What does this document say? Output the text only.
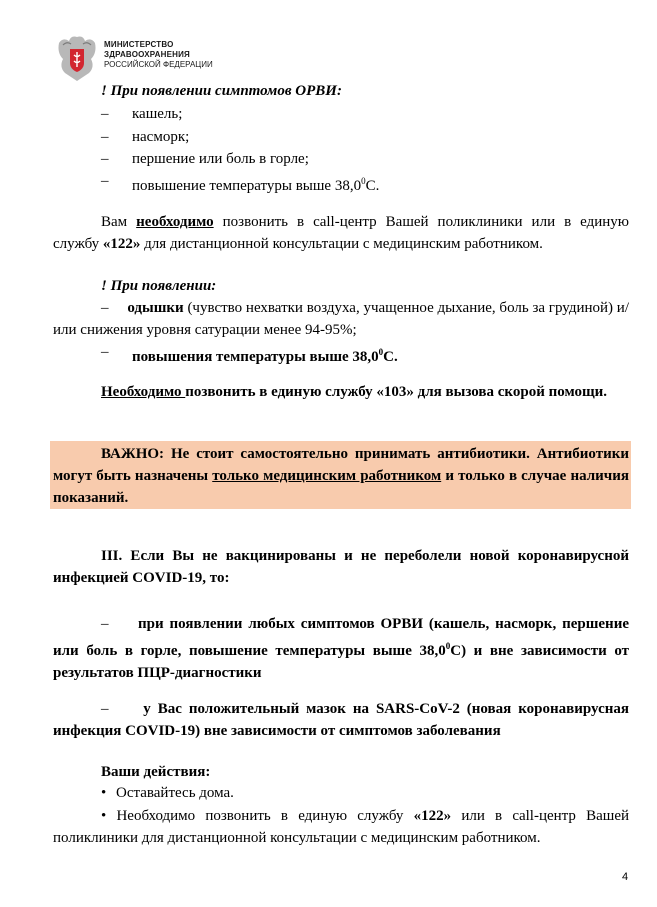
МИНИСТЕРСТВО
ЗДРАВООХРАНЕНИЯ
РОССИЙСКОЙ ФЕДЕРАЦИИ
! При появлении симптомов ОРВИ:
– кашель;
– насморк;
– першение или боль в горле;
– повышение температуры выше 38,0$^0$С.
Вам необходимо позвонить в call-центр Вашей поликлиники или в единую службу «122» для дистанционной консультации с медицинским работником.
! При появлении:
– одышки (чувство нехватки воздуха, учащенное дыхание, боль за грудиной) и/или снижения уровня сатурации менее 94-95%;
– повышения температуры выше 38,0$^0$С.
Необходимо позвонить в единую службу «103» для вызова скорой помощи.
ВАЖНО: Не стоит самостоятельно принимать антибиотики. Антибиотики могут быть назначены только медицинским работником и только в случае наличия показаний.
III. Если Вы не вакцинированы и не переболели новой коронавирусной инфекцией COVID-19, то:
– при появлении любых симптомов ОРВИ (кашель, насморк, першение или боль в горле, повышение температуры выше 38,0$^0$С) и вне зависимости от результатов ПЦР-диагностики
– у Вас положительный мазок на SARS-CoV-2 (новая коронавирусная инфекция COVID-19) вне зависимости от симптомов заболевания
Ваши действия:
• Оставайтесь дома.
• Необходимо позвонить в единую службу «122» или в call-центр Вашей поликлиники для дистанционной консультации с медицинским работником.
4
